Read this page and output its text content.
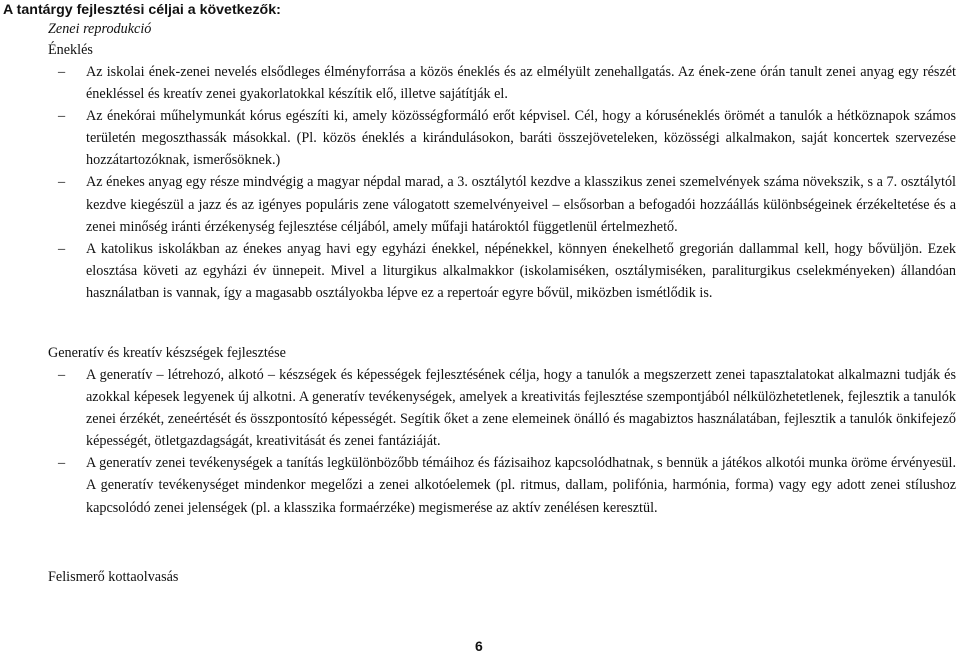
A tantárgy fejlesztési céljai a következők:
Zenei reprodukció
Éneklés
– Az iskolai ének-zenei nevelés elsődleges élményforrása a közös éneklés és az elmélyült zenehallgatás. Az ének-zene órán tanult zenei anyag egy részét énekléssel és kreatív zenei gyakorlatokkal készítik elő, illetve sajátítják el.
– Az énekórai műhelymunkát kórus egészíti ki, amely közösségformáló erőt képvisel. Cél, hogy a kóruséneklés örömét a tanulók a hétköznapok számos területén megoszthassák másokkal. (Pl. közös éneklés a kirándulásokon, baráti összejöveteleken, közösségi alkalmakon, saját koncertek szervezése hozzátartozóknak, ismerősöknek.)
– Az énekes anyag egy része mindvégig a magyar népdal marad, a 3. osztálytól kezdve a klasszikus zenei szemelvények száma növekszik, s a 7. osztálytól kezdve kiegészül a jazz és az igényes populáris zene válogatott szemelvényeivel – elsősorban a befogadói hozzáállás különbségeinek érzékeltetése és a zenei minőség iránti érzékenység fejlesztése céljából, amely műfaji határoktól függetlenül értelmezhető.
– A katolikus iskolákban az énekes anyag havi egy egyházi énekkel, népénekkel, könnyen énekelhető gregorián dallammal kell, hogy bővüljön. Ezek elosztása követi az egyházi év ünnepeit. Mivel a liturgikus alkalmakkor (iskolamiséken, osztálymiséken, paraliturgikus cselekményeken) állandóan használatban is vannak, így a magasabb osztályokba lépve ez a repertoár egyre bővül, miközben ismétlődik is.
Generatív és kreatív készségek fejlesztése
– A generatív – létrehozó, alkotó – készségek és képességek fejlesztésének célja, hogy a tanulók a megszerzett zenei tapasztalatokat alkalmazni tudják és azokkal képesek legyenek új alkotni. A generatív tevékenységek, amelyek a kreativitás fejlesztése szempontjából nélkülözhetetlenek, fejlesztik a tanulók zenei érzékét, zeneértését és összpontosító képességét. Segítik őket a zene elemeinek önálló és magabiztos használatában, fejlesztik a tanulók önkifejező képességét, ötletgazdagságát, kreativitását és zenei fantáziáját.
– A generatív zenei tevékenységek a tanítás legkülönbözőbb témáihoz és fázisaihoz kapcsolódhatnak, s bennük a játékos alkotói munka öröme érvényesül. A generatív tevékenységet mindenkor megelőzi a zenei alkotóelemek (pl. ritmus, dallam, polifónia, harmónia, forma) vagy egy adott zenei stílushoz kapcsolódó zenei jelenségek (pl. a klasszika formaérzéke) megismerése az aktív zenélésen keresztül.
Felismerő kottaolvasás
6
